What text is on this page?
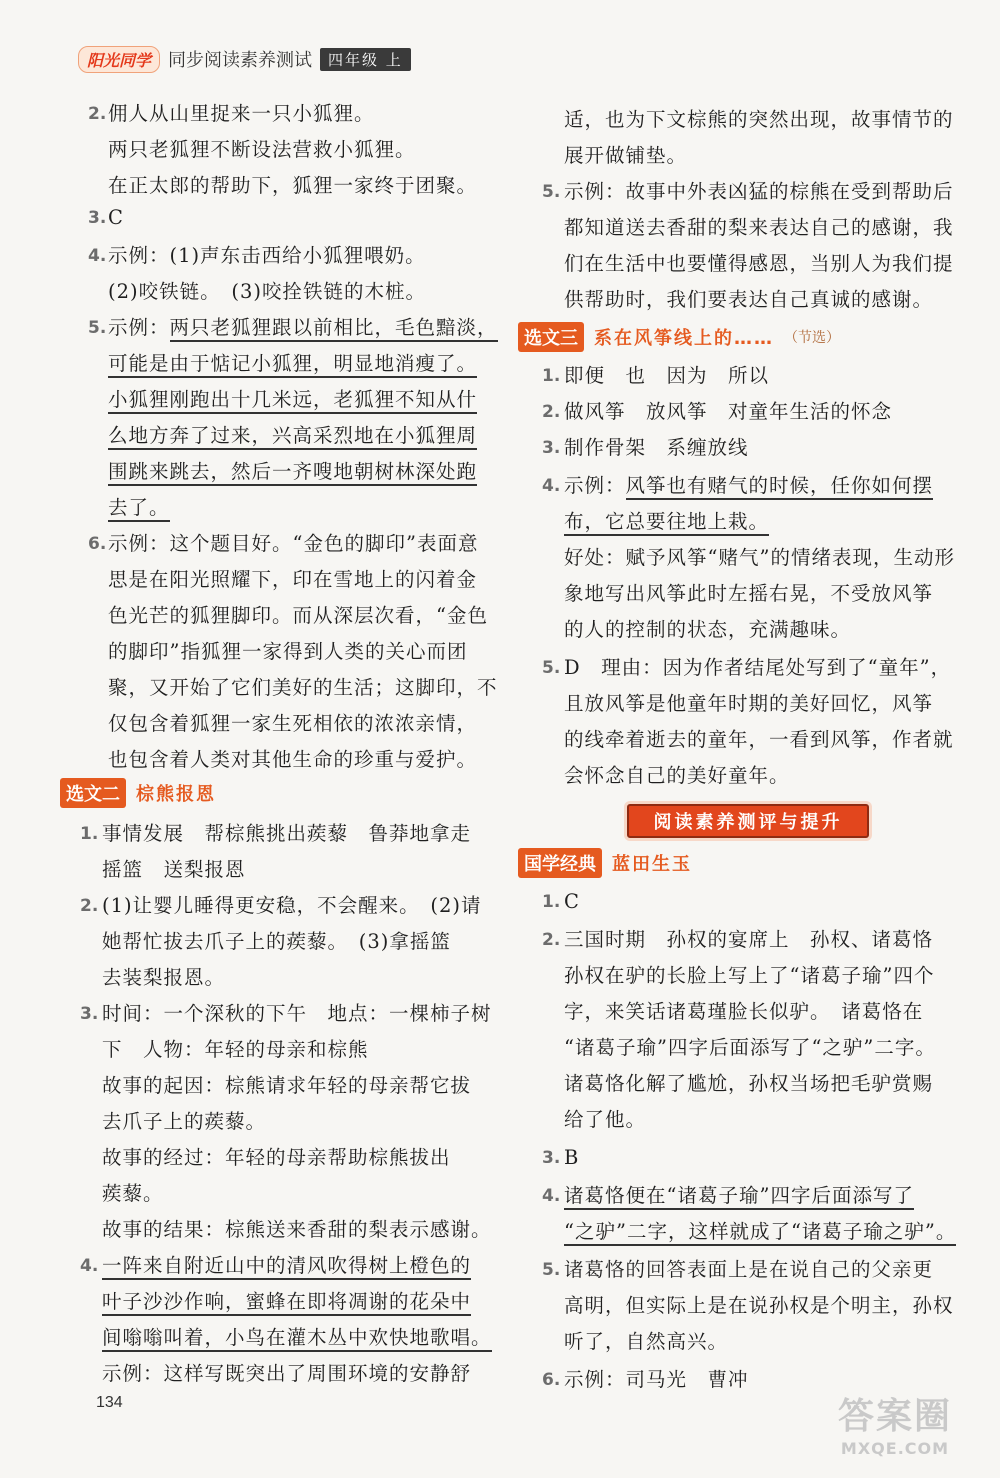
阳光同学 同步阅读素养测试	四年级 上
2. 佣人从山里捉来一只小狐狸。
两只老狐狸不断设法营救小狐狸。
在正太郎的帮助下，狐狸一家终于团聚。
3. C
4. 示例：(1)声东击西给小狐狸喂奶。
(2)咬铁链。　(3)咬拴铁链的木桩。
5. 示例：两只老狐狸跟以前相比，毛色黯淡，
可能是由于惦记小狐狸，明显地消瘦了。
小狐狸刚跑出十几米远，老狐狸不知从什
么地方奔了过来，兴高采烈地在小狐狸周
围跳来跳去，然后一齐嗖地朝树林深处跑
去了。
6. 示例：这个题目好。“金色的脚印”表面意
思是在阳光照耀下，印在雪地上的闪着金
色光芒的狐狸脚印。而从深层次看，“金色
的脚印”指狐狸一家得到人类的关心而团
聚，又开始了它们美好的生活；这脚印，不
仅包含着狐狸一家生死相依的浓浓亲情，
也包含着人类对其他生命的珍重与爱护。
选文二 棕熊报恩
1. 事情发展　帮棕熊挑出蒺藜　鲁莽地拿走
摇篮　送梨报恩
2. (1)让婴儿睡得更安稳，不会醒来。　(2)请
她帮忙拔去爪子上的蒺藜。　(3)拿摇篮
去装梨报恩。
3. 时间：一个深秋的下午　地点：一棵柿子树
下　人物：年轻的母亲和棕熊
故事的起因：棕熊请求年轻的母亲帮它拔
去爪子上的蒺藜。
故事的经过：年轻的母亲帮助棕熊拔出
蒺藜。
故事的结果：棕熊送来香甜的梨表示感谢。
4. 一阵来自附近山中的清风吹得树上橙色的
叶子沙沙作响，蜜蜂在即将凋谢的花朵中
间嗡嗡叫着，小鸟在灌木丛中欢快地歌唱。
示例：这样写既突出了周围环境的安静舒
适，也为下文棕熊的突然出现，故事情节的
展开做铺垫。
5. 示例：故事中外表凶猛的棕熊在受到帮助后
都知道送去香甜的梨来表达自己的感谢，我
们在生活中也要懂得感恩，当别人为我们提
供帮助时，我们要表达自己真诚的感谢。
选文三 系在风筝线上的…… （节选）
1. 即便　也　因为　所以
2. 做风筝　放风筝　对童年生活的怀念
3. 制作骨架　系缠放线
4. 示例：风筝也有赌气的时候，任你如何摆
布，它总要往地上栽。
好处：赋予风筝“赌气”的情绪表现，生动形
象地写出风筝此时左摇右晃，不受放风筝
的人的控制的状态，充满趣味。
5. D　理由：因为作者结尾处写到了“童年”，
且放风筝是他童年时期的美好回忆，风筝
的线牵着逝去的童年，一看到风筝，作者就
会怀念自己的美好童年。
阅读素养测评与提升
国学经典 蓝田生玉
1. C
2. 三国时期　孙权的宴席上　孙权、诸葛恪
孙权在驴的长脸上写上了“诸葛子瑜”四个
字，来笑话诸葛瑾脸长似驴。　诸葛恪在
“诸葛子瑜”四字后面添写了“之驴”二字。
诸葛恪化解了尴尬，孙权当场把毛驴赏赐
给了他。
3. B
4. 诸葛恪便在“诸葛子瑜”四字后面添写了
“之驴”二字，这样就成了“诸葛子瑜之驴”。
5. 诸葛恪的回答表面上是在说自己的父亲更
高明，但实际上是在说孙权是个明主，孙权
听了，自然高兴。
6. 示例：司马光　曹冲
134	答案圈
MXQE.COM
